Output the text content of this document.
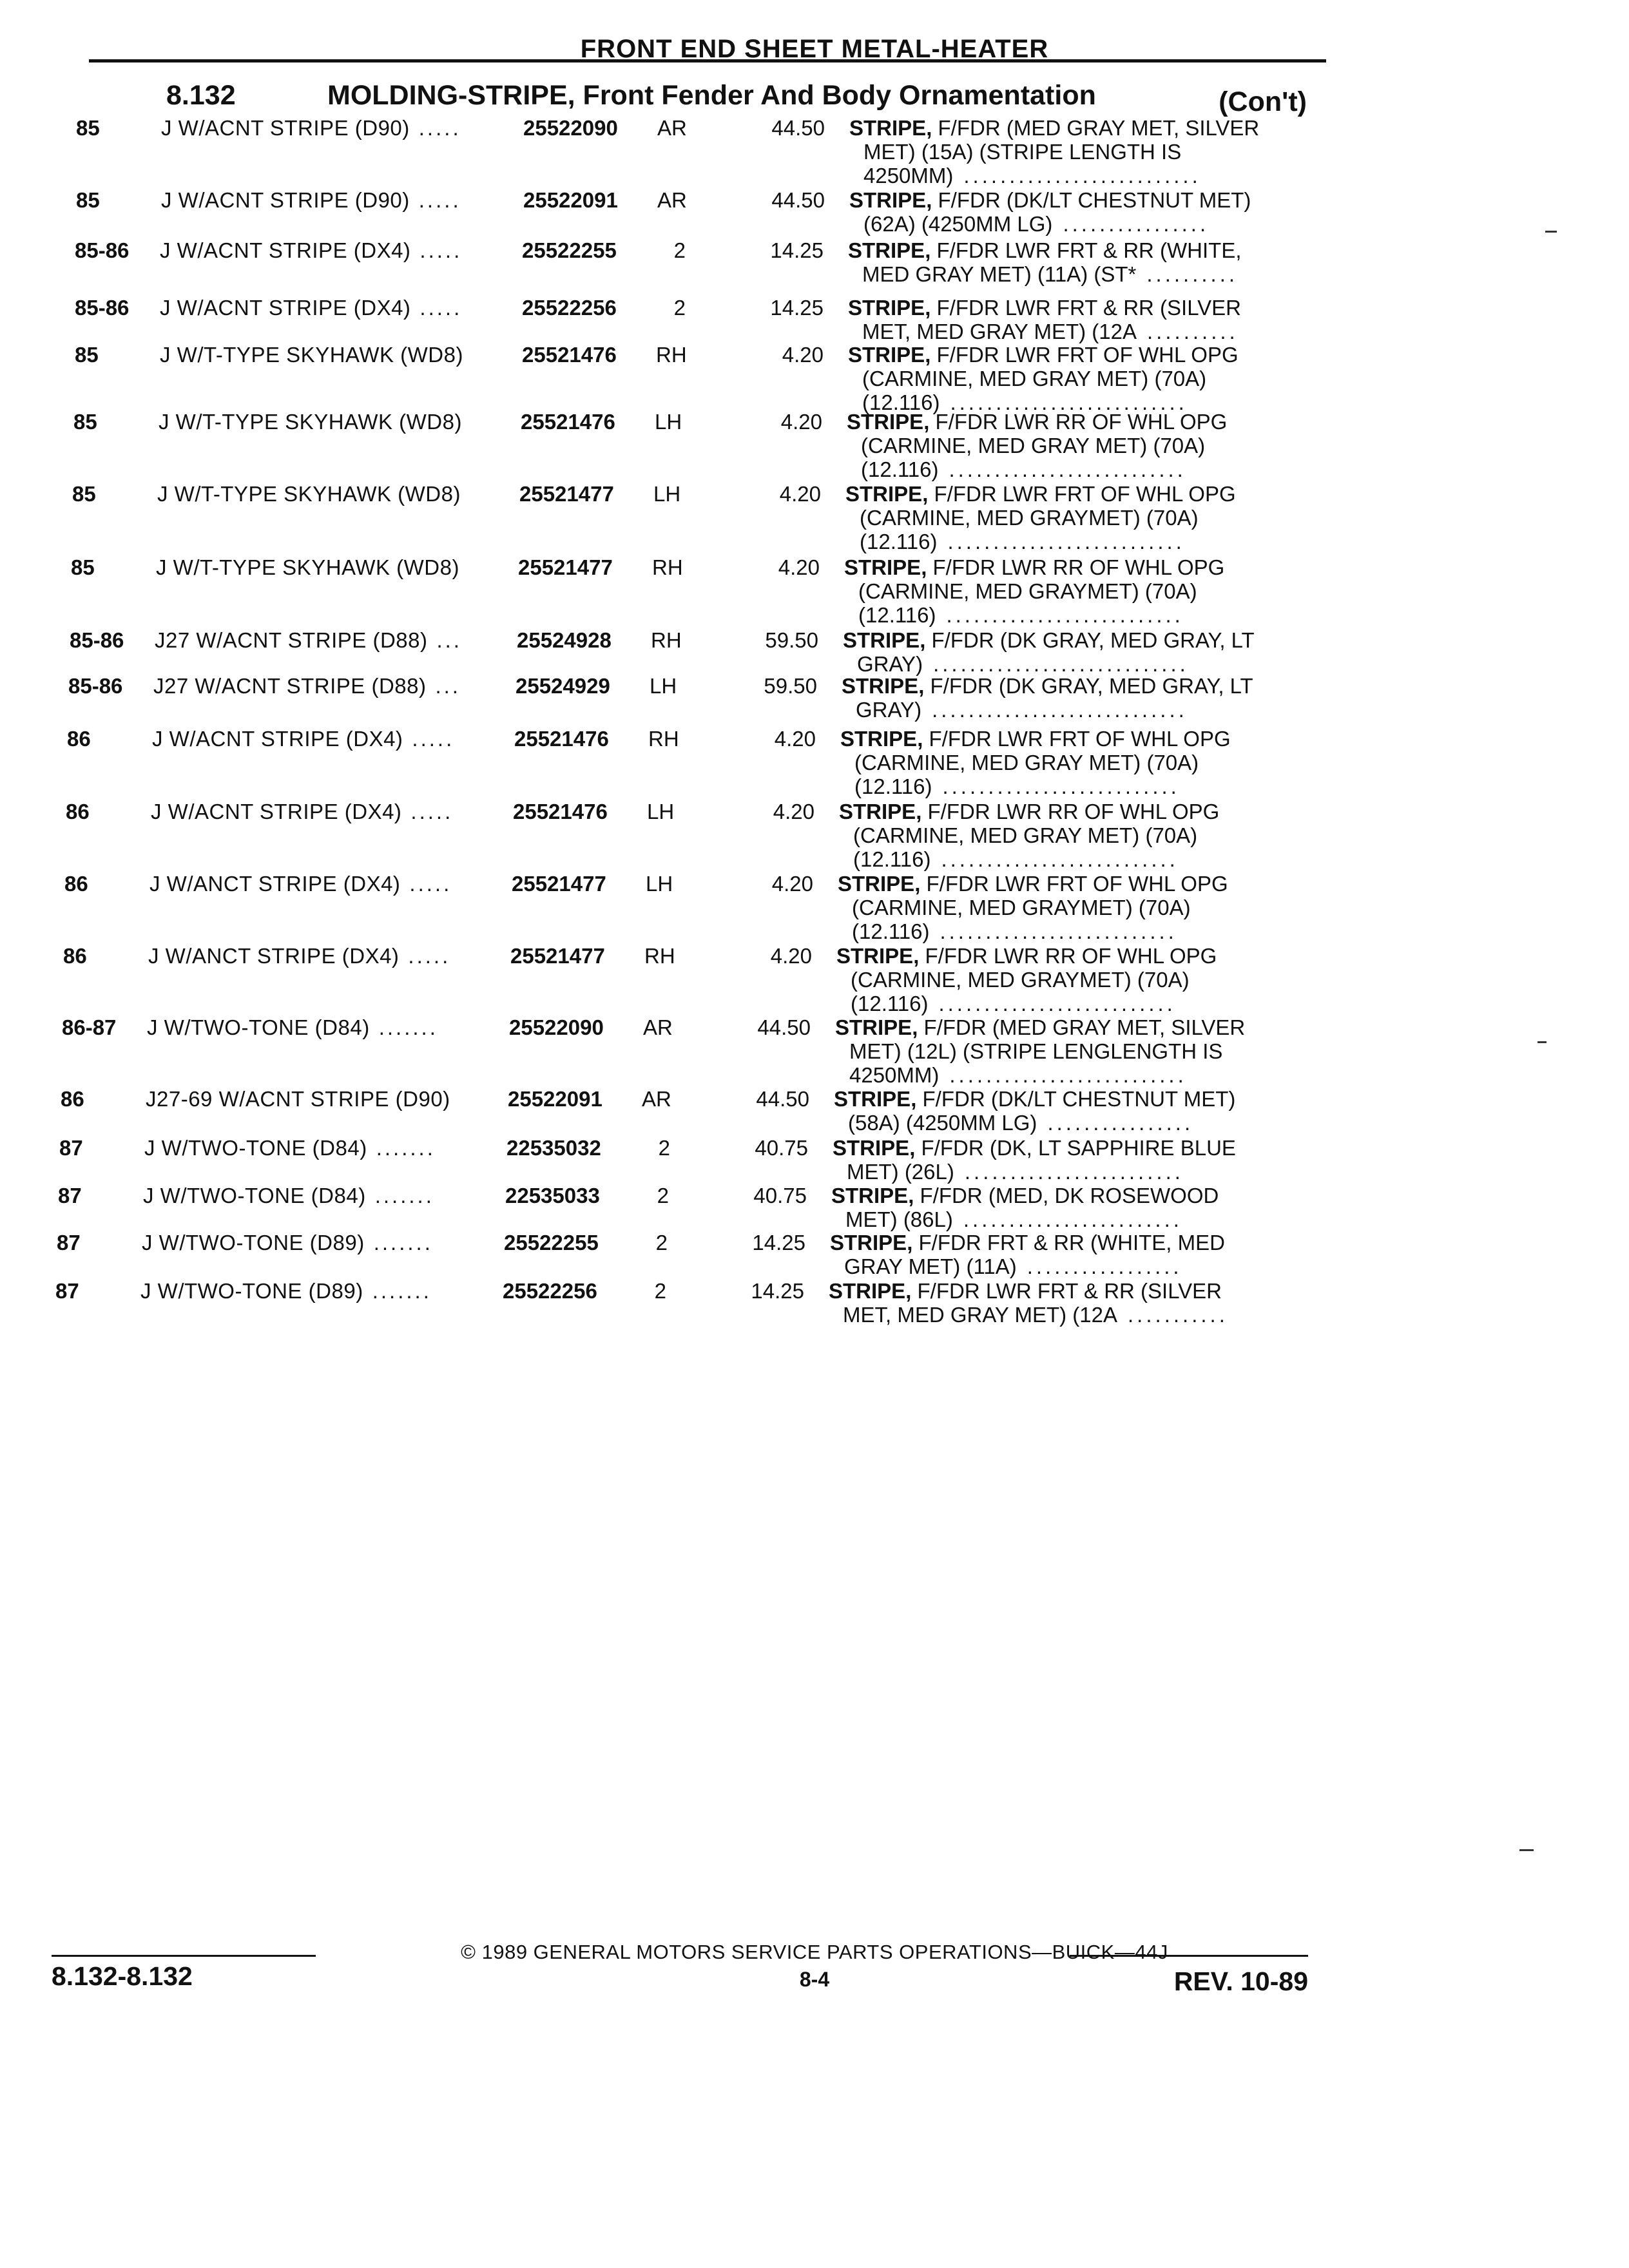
FRONT END SHEET METAL-HEATER
8.132	MOLDING-STRIPE, Front Fender And Body Ornamentation	(Con't)
85	J W/ACNT STRIPE (D90) .....	25522090 AR	44.50 STRIPE, F/FDR (MED GRAY MET, SILVER
MET) (15A) (STRIPE LENGTH IS
4250MM) ..........................
85	J W/ACNT STRIPE (D90) .....	25522091 AR	44.50 STRIPE, F/FDR (DK/LT CHESTNUT MET)
(62A) (4250MM LG) ................
85-86 J W/ACNT STRIPE (DX4) .....	25522255	2	14.25 STRIPE, F/FDR LWR FRT & RR (WHITE,
MED GRAY MET) (11A) (ST* ..........
85-86 J W/ACNT STRIPE (DX4) .....	25522256	2	14.25 STRIPE, F/FDR LWR FRT & RR (SILVER
MET, MED GRAY MET) (12A ..........
85	J W/T-TYPE SKYHAWK (WD8)	25521476 RH	4.20 STRIPE, F/FDR LWR FRT OF WHL OPG
(CARMINE, MED GRAY MET) (70A)
(12.116) ..........................
85	J W/T-TYPE SKYHAWK (WD8)	25521476 LH	4.20 STRIPE, F/FDR LWR RR OF WHL OPG
(CARMINE, MED GRAY MET) (70A)
(12.116) ..........................
85	J W/T-TYPE SKYHAWK (WD8)	25521477 LH	4.20 STRIPE, F/FDR LWR FRT OF WHL OPG
(CARMINE, MED GRAYMET) (70A)
(12.116) ..........................
85	J W/T-TYPE SKYHAWK (WD8)	25521477 RH	4.20 STRIPE, F/FDR LWR RR OF WHL OPG
(CARMINE, MED GRAYMET) (70A)
(12.116) ..........................
85-86 J27 W/ACNT STRIPE (D88) ...	25524928 RH	59.50 STRIPE, F/FDR (DK GRAY, MED GRAY, LT
GRAY) ............................
85-86 J27 W/ACNT STRIPE (D88) ...	25524929 LH	59.50 STRIPE, F/FDR (DK GRAY, MED GRAY, LT
GRAY) ............................
86	J W/ACNT STRIPE (DX4) .....	25521476 RH	4.20 STRIPE, F/FDR LWR FRT OF WHL OPG
(CARMINE, MED GRAY MET) (70A)
(12.116) ..........................
86	J W/ACNT STRIPE (DX4) .....	25521476 LH	4.20 STRIPE, F/FDR LWR RR OF WHL OPG
(CARMINE, MED GRAY MET) (70A)
(12.116) ..........................
86	J W/ANCT STRIPE (DX4) .....	25521477 LH	4.20 STRIPE, F/FDR LWR FRT OF WHL OPG
(CARMINE, MED GRAYMET) (70A)
(12.116) ..........................
86	J W/ANCT STRIPE (DX4) .....	25521477 RH	4.20 STRIPE, F/FDR LWR RR OF WHL OPG
(CARMINE, MED GRAYMET) (70A)
(12.116) ..........................
86-87 J W/TWO-TONE (D84) .......	25522090 AR	44.50 STRIPE, F/FDR (MED GRAY MET, SILVER
MET) (12L) (STRIPE LENGLENGTH IS
4250MM) ..........................
86	J27-69 W/ACNT STRIPE (D90)	25522091 AR	44.50 STRIPE, F/FDR (DK/LT CHESTNUT MET)
(58A) (4250MM LG) ................
87	J W/TWO-TONE (D84) .......	22535032	2	40.75 STRIPE, F/FDR (DK, LT SAPPHIRE BLUE
MET) (26L) ........................
87	J W/TWO-TONE (D84) .......	22535033	2	40.75 STRIPE, F/FDR (MED, DK ROSEWOOD
MET) (86L) ........................
87	J W/TWO-TONE (D89) .......	25522255	2	14.25 STRIPE, F/FDR FRT & RR (WHITE, MED
GRAY MET) (11A) .................
87	J W/TWO-TONE (D89) .......	25522256	2	14.25 STRIPE, F/FDR LWR FRT & RR (SILVER
MET, MED GRAY MET) (12A ...........
© 1989 GENERAL MOTORS SERVICE PARTS OPERATIONS—BUICK—44J
8.132-8.132	8-4	REV. 10-89
